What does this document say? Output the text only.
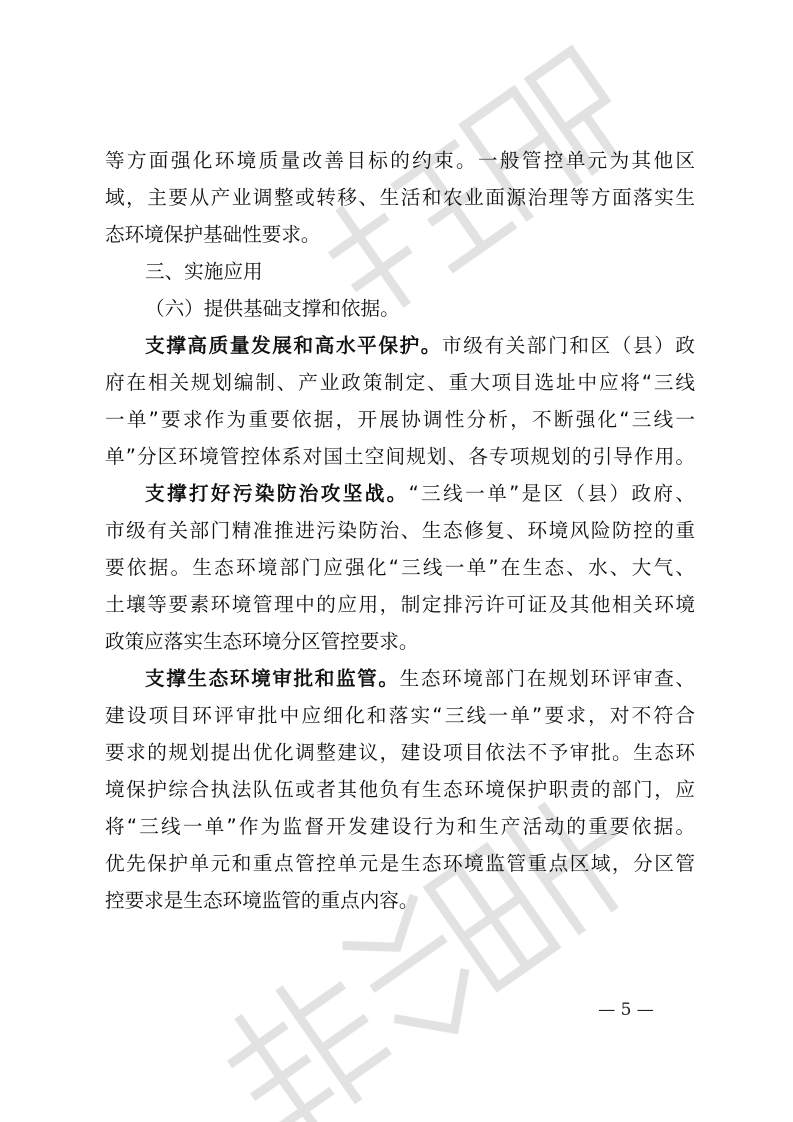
等方面强化环境质量改善目标的约束。一般管控单元为其他区
域，主要从产业调整或转移、生活和农业面源治理等方面落实生
态环境保护基础性要求。
三、实施应用
（六）提供基础支撑和依据。
支撑高质量发展和高水平保护。市级有关部门和区（县）政
府在相关规划编制、产业政策制定、重大项目选址中应将“三线
一单”要求作为重要依据，开展协调性分析，不断强化“三线一
单”分区环境管控体系对国土空间规划、各专项规划的引导作用。
支撑打好污染防治攻坚战。“三线一单”是区（县）政府、
市级有关部门精准推进污染防治、生态修复、环境风险防控的重
要依据。生态环境部门应强化“三线一单”在生态、水、大气、
土壤等要素环境管理中的应用，制定排污许可证及其他相关环境
政策应落实生态环境分区管控要求。
支撑生态环境审批和监管。生态环境部门在规划环评审查、
建设项目环评审批中应细化和落实“三线一单”要求，对不符合
要求的规划提出优化调整建议，建设项目依法不予审批。生态环
境保护综合执法队伍或者其他负有生态环境保护职责的部门，应
将“三线一单”作为监督开发建设行为和生产活动的重要依据。
优先保护单元和重点管控单元是生态环境监管重点区域，分区管
控要求是生态环境监管的重点内容。
— 5 —
